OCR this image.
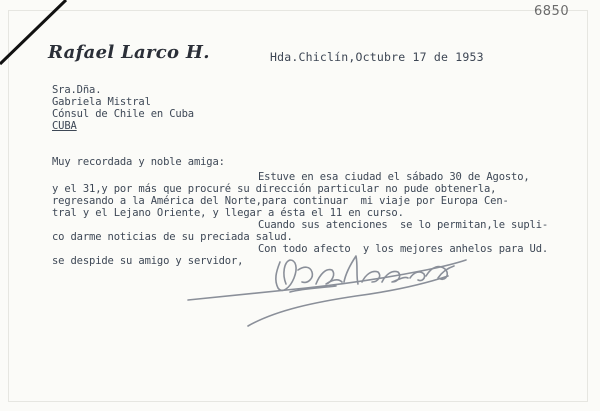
6850
Rafael Larco H.	Hda.Chiclín,Octubre 17 de 1953
Sra.Dña.
Gabriela Mistral
Cónsul de Chile en Cuba
CUBA
Muy recordada y noble amiga:
Estuve en esa ciudad el sábado 30 de Agosto,
y el 31,y por más que procuré su dirección particular no pude obtenerla,
regresando a la América del Norte,para continuar  mi viaje por Europa Cen-
tral y el Lejano Oriente, y llegar a ésta el 11 en curso.
Cuando sus atenciones  se lo permitan,le supli-
co darme noticias de su preciada salud.
Con todo afecto  y los mejores anhelos para Ud.
se despide su amigo y servidor,
